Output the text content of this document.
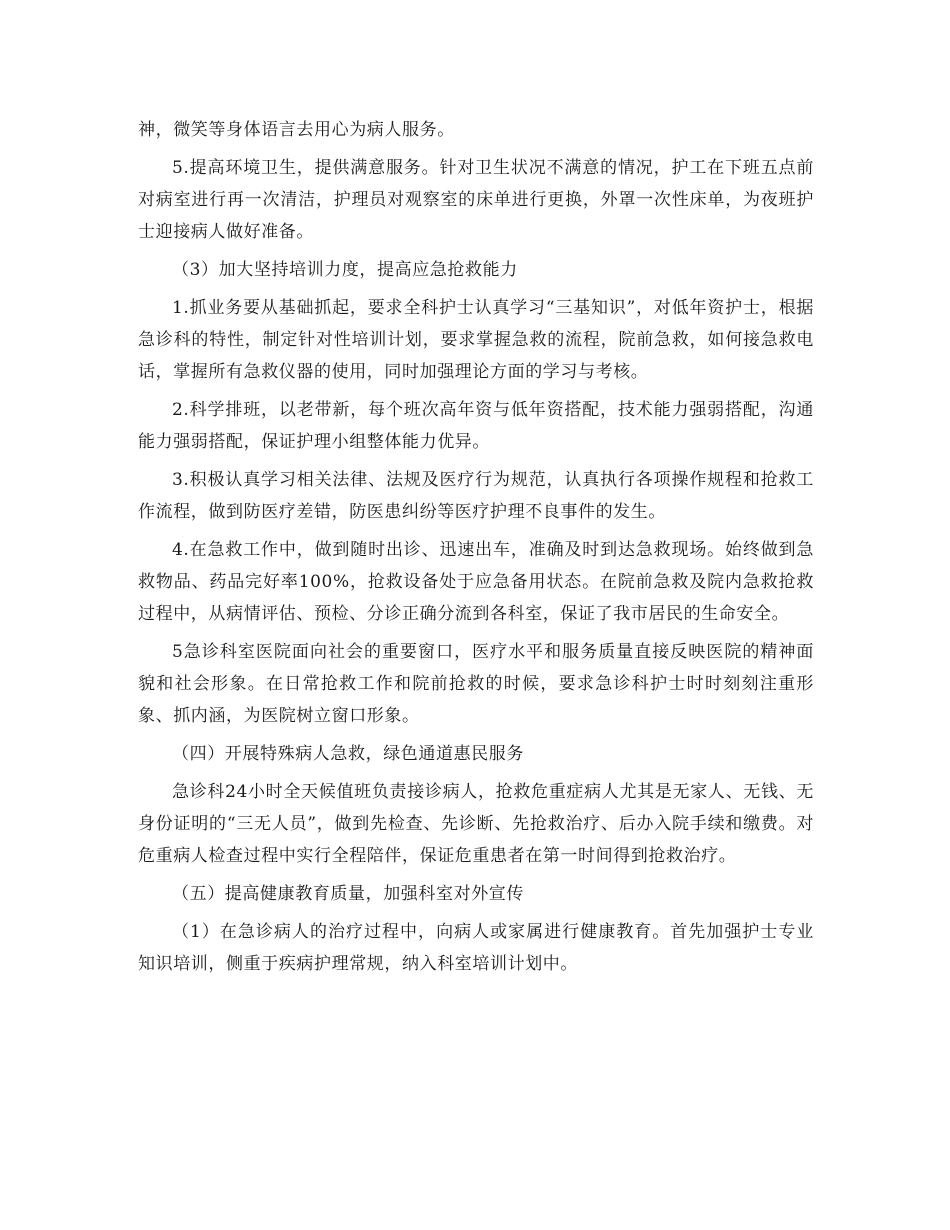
神，微笑等身体语言去用心为病人服务。

5.提高环境卫生，提供满意服务。针对卫生状况不满意的情况，护工在下班五点前对病室进行再一次清洁，护理员对观察室的床单进行更换，外罩一次性床单，为夜班护士迎接病人做好准备。

（3）加大坚持培训力度，提高应急抢救能力

1.抓业务要从基础抓起，要求全科护士认真学习“三基知识”，对低年资护士，根据急诊科的特性，制定针对性培训计划，要求掌握急救的流程，院前急救，如何接急救电话，掌握所有急救仪器的使用，同时加强理论方面的学习与考核。

2.科学排班，以老带新，每个班次高年资与低年资搭配，技术能力强弱搭配，沟通能力强弱搭配，保证护理小组整体能力优异。

3.积极认真学习相关法律、法规及医疗行为规范，认真执行各项操作规程和抢救工作流程，做到防医疗差错，防医患纠纷等医疗护理不良事件的发生。

4.在急救工作中，做到随时出诊、迅速出车，准确及时到达急救现场。始终做到急救物品、药品完好率100%，抢救设备处于应急备用状态。在院前急救及院内急救抢救过程中，从病情评估、预检、分诊正确分流到各科室，保证了我市居民的生命安全。

5急诊科室医院面向社会的重要窗口，医疗水平和服务质量直接反映医院的精神面貌和社会形象。在日常抢救工作和院前抢救的时候，要求急诊科护士时时刻刻注重形象、抓内涵，为医院树立窗口形象。

（四）开展特殊病人急救，绿色通道惠民服务

急诊科24小时全天候值班负责接诊病人，抢救危重症病人尤其是无家人、无钱、无身份证明的“三无人员”，做到先检查、先诊断、先抢救治疗、后办入院手续和缴费。对危重病人检查过程中实行全程陪伴，保证危重患者在第一时间得到抢救治疗。

（五）提高健康教育质量，加强科室对外宣传

（1）在急诊病人的治疗过程中，向病人或家属进行健康教育。首先加强护士专业知识培训，侧重于疾病护理常规，纳入科室培训计划中。
